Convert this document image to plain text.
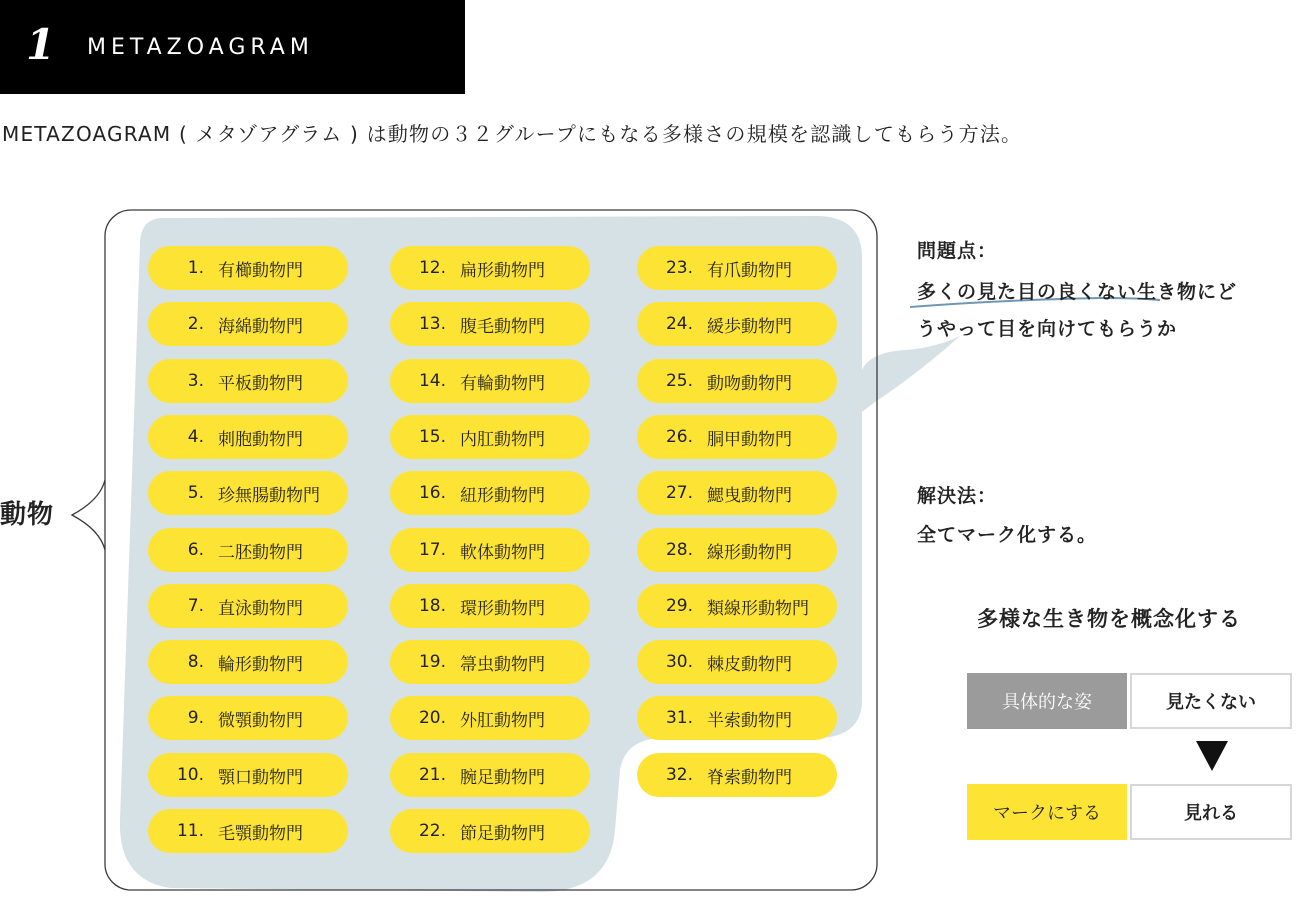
1 METAZOAGRAM
METAZOAGRAM ( メタゾアグラム ) は動物の３２グループにもなる多様さの規模を認識してもらう方法。
動物
1. 有櫛動物門
2. 海綿動物門
3. 平板動物門
4. 刺胞動物門
5. 珍無腸動物門
6. 二胚動物門
7. 直泳動物門
8. 輪形動物門
9. 微顎動物門
10. 顎口動物門
11. 毛顎動物門
12. 扁形動物門
13. 腹毛動物門
14. 有輪動物門
15. 内肛動物門
16. 紐形動物門
17. 軟体動物門
18. 環形動物門
19. 箒虫動物門
20. 外肛動物門
21. 腕足動物門
22. 節足動物門
23. 有爪動物門
24. 緩歩動物門
25. 動吻動物門
26. 胴甲動物門
27. 鰓曳動物門
28. 線形動物門
29. 類線形動物門
30. 棘皮動物門
31. 半索動物門
32. 脊索動物門
問題点：
多くの見た目の良くない生き物にど
うやって目を向けてもらうか
解決法：
全てマーク化する。
多様な生き物を概念化する
具体的な姿	見たくない
マークにする	見れる
